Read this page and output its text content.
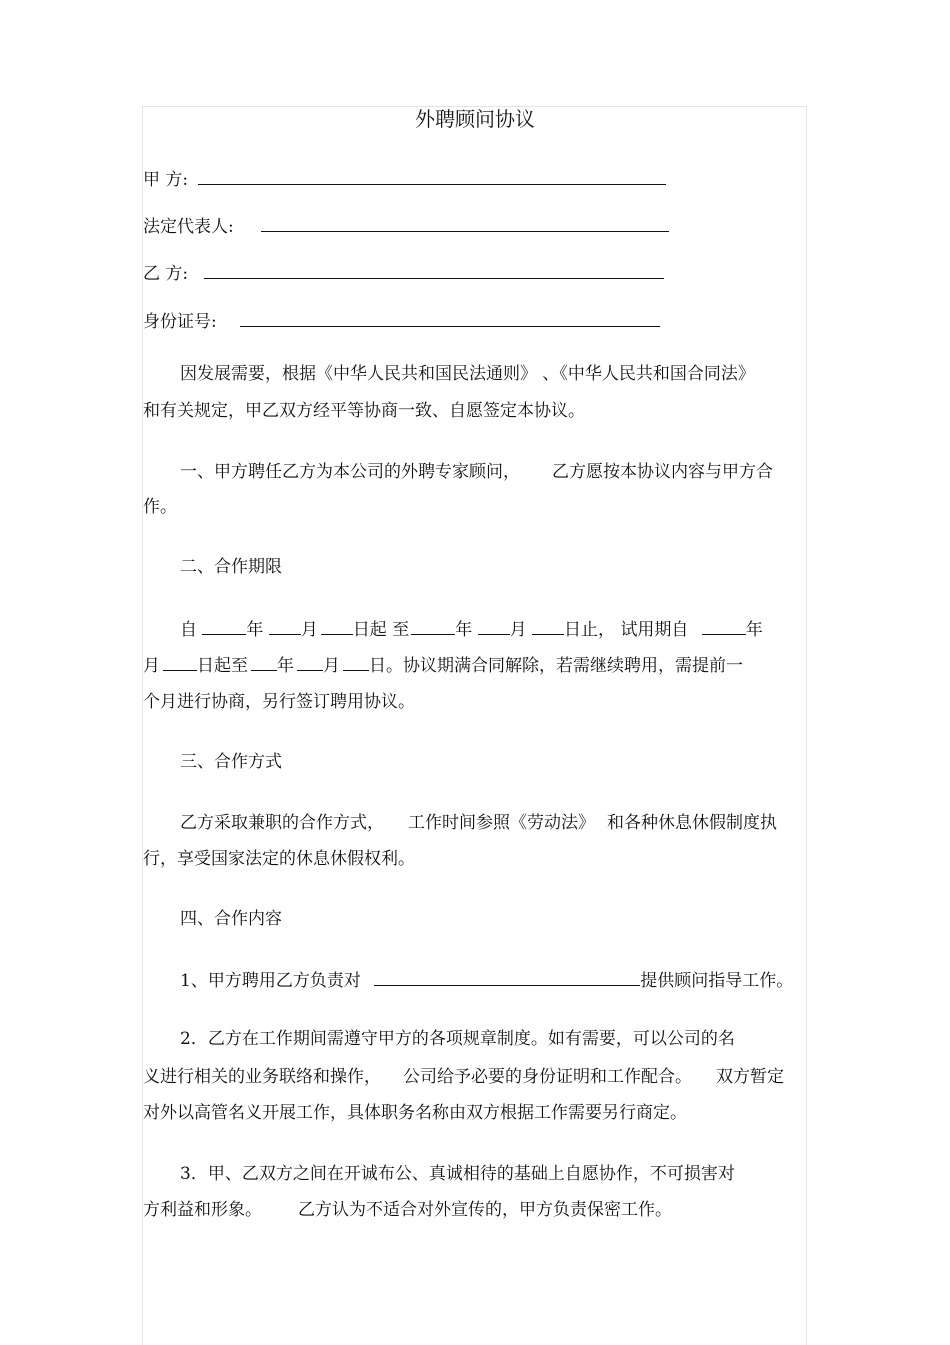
外聘顾问协议
甲 方:
法定代表人:
乙 方:
身份证号:
因发展需要，根据《中华人民共和国民法通则》 、《中华人民共和国合同法》
和有关规定，甲乙双方经平等协商一致、自愿签定本协议。
一、甲方聘任乙方为本公司的外聘专家顾问， 乙方愿按本协议内容与甲方合
作。
二、合作期限
自	年 月 日起 至	年 月 日止， 试用期自	年
月 日起至 年 月 日。协议期满合同解除，若需继续聘用，需提前一
个月进行协商，另行签订聘用协议。
三、合作方式
乙方采取兼职的合作方式， 工作时间参照《劳动法》 和各种休息休假制度执
行，享受国家法定的休息休假权利。
四、合作内容
1、甲方聘用乙方负责对	提供顾问指导工作。
2．乙方在工作期间需遵守甲方的各项规章制度。如有需要，可以公司的名
义进行相关的业务联络和操作， 公司给予必要的身份证明和工作配合。 双方暂定
对外以高管名义开展工作，具体职务名称由双方根据工作需要另行商定。
3．甲、乙双方之间在开诚布公、真诚相待的基础上自愿协作，不可损害对
方利益和形象。 乙方认为不适合对外宣传的，甲方负责保密工作。
